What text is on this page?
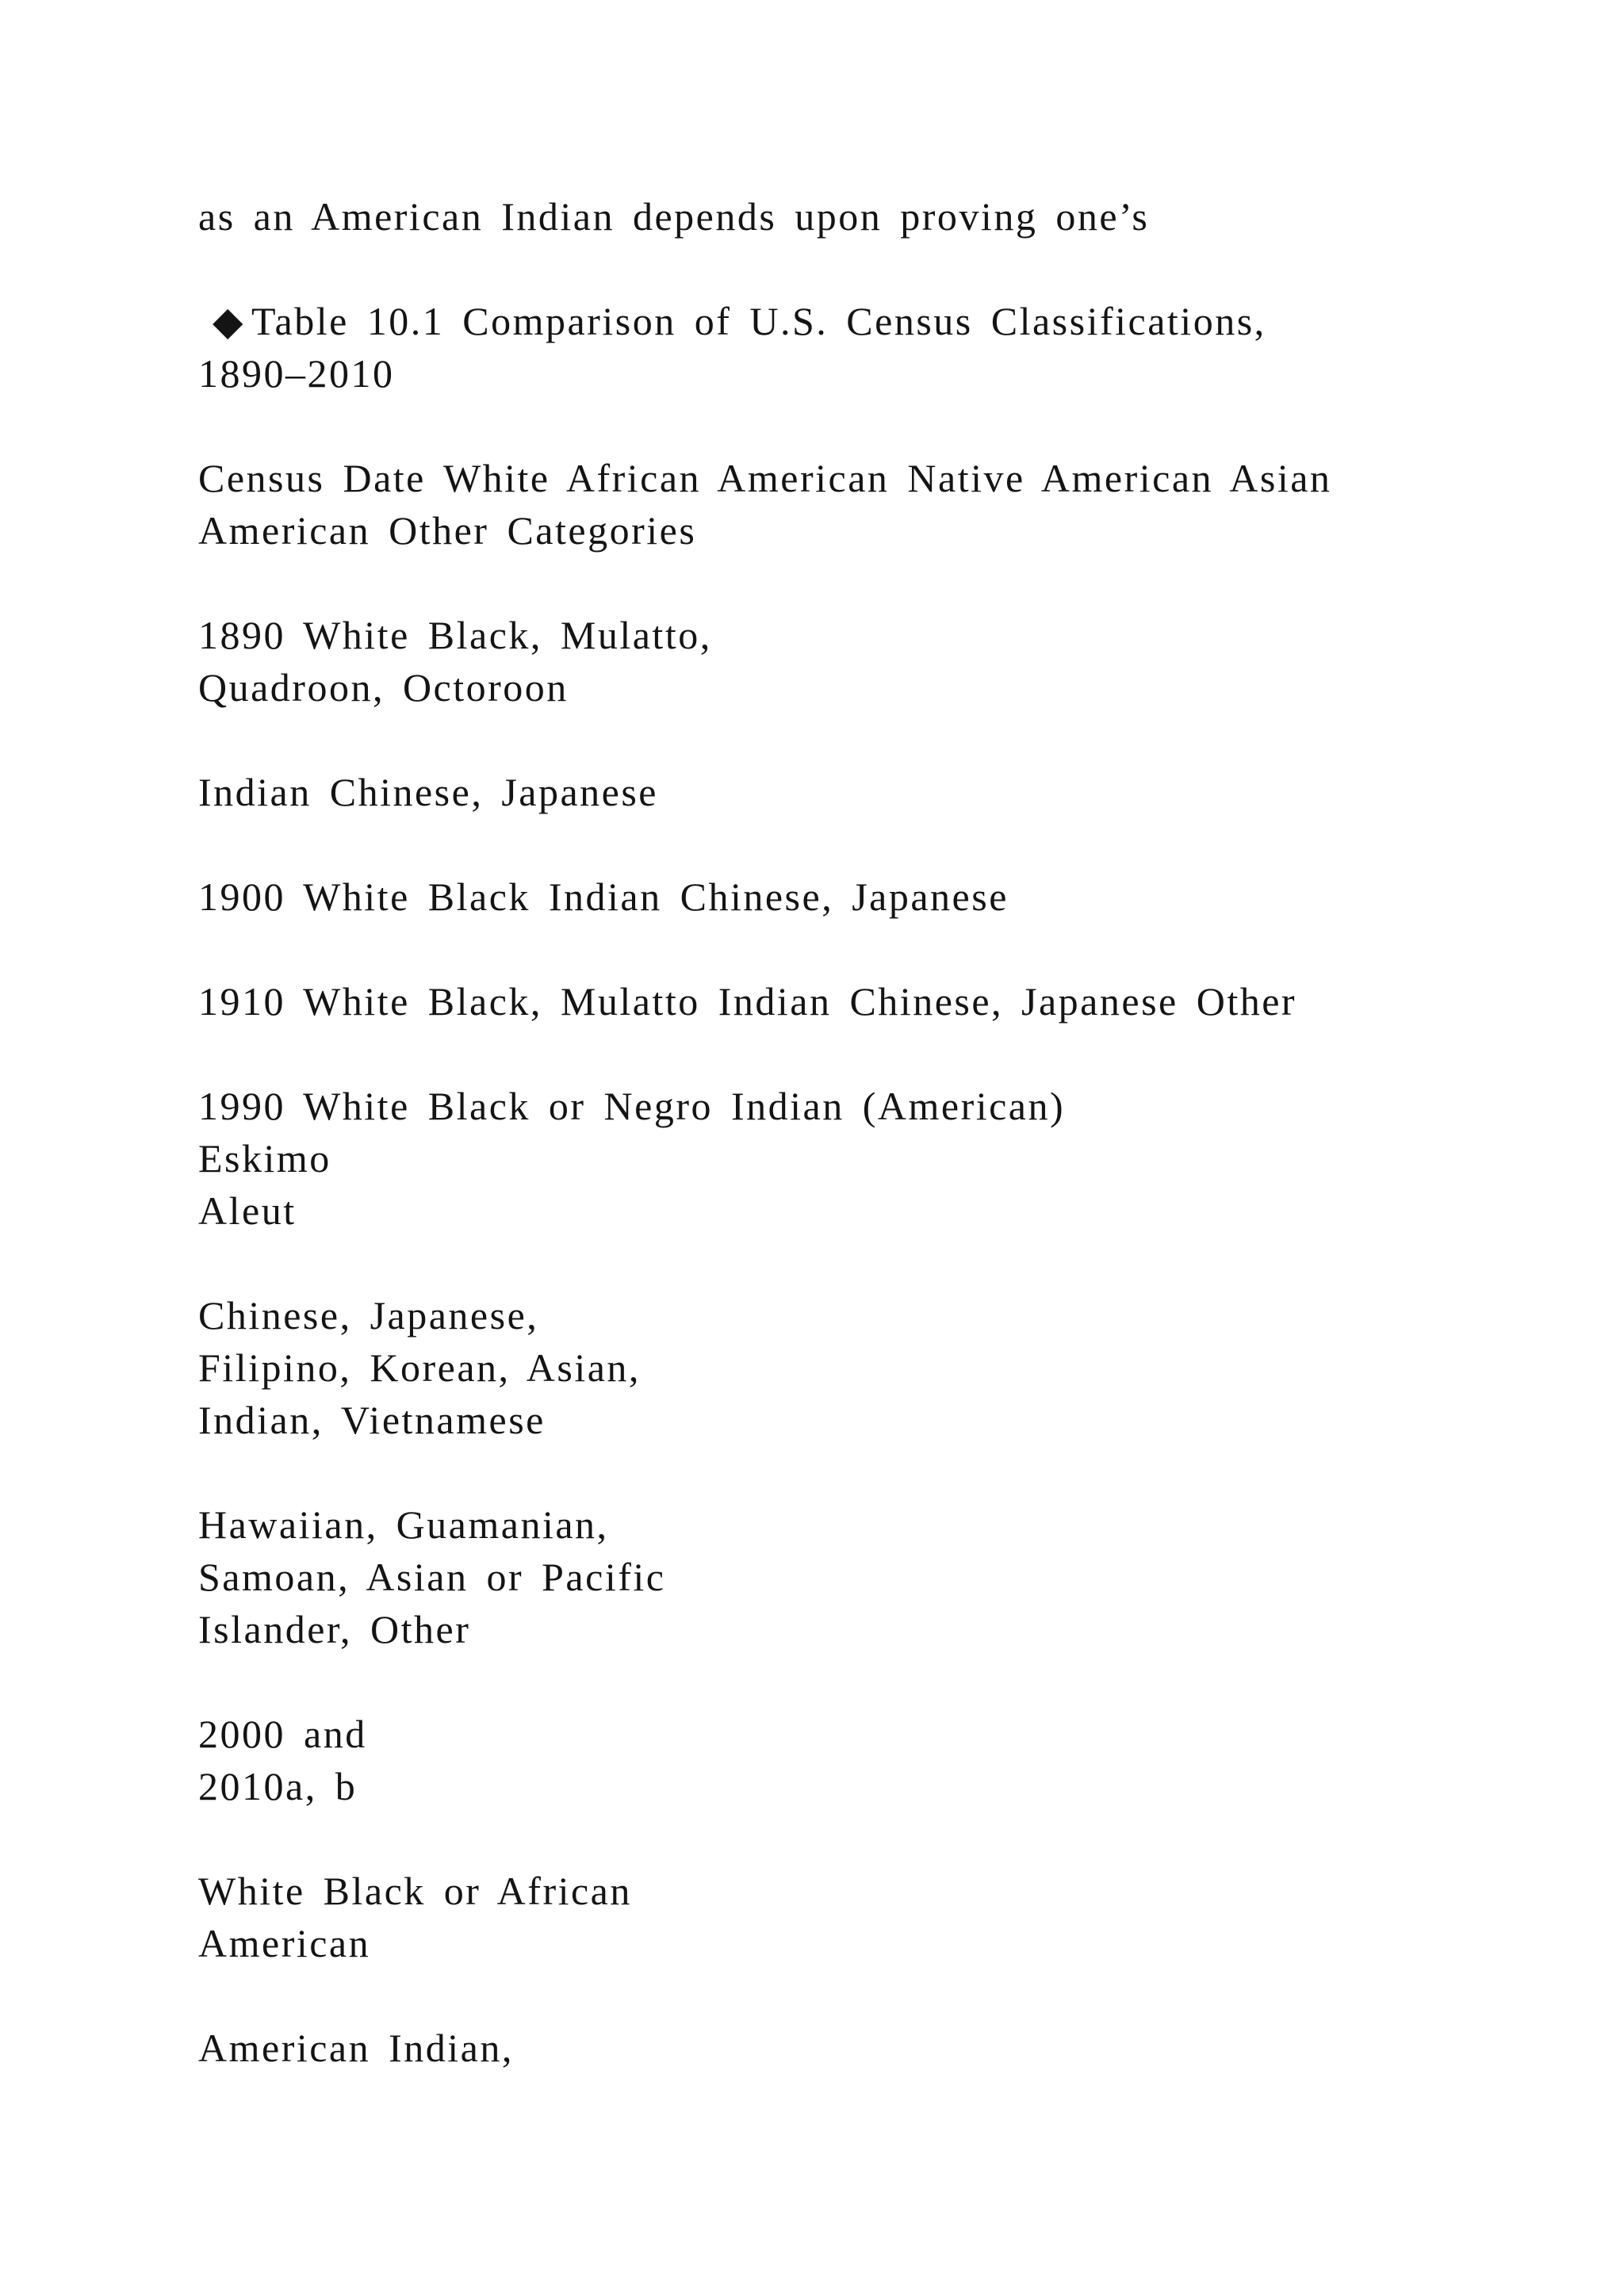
as an American Indian depends upon proving one’s

◆ Table 10.1 Comparison of U.S. Census Classifications,
1890–2010

Census Date White African American Native American Asian
American Other Categories

1890 White Black, Mulatto,
Quadroon, Octoroon

Indian Chinese, Japanese

1900 White Black Indian Chinese, Japanese

1910 White Black, Mulatto Indian Chinese, Japanese Other

1990 White Black or Negro Indian (American)
Eskimo
Aleut

Chinese, Japanese,
Filipino, Korean, Asian,
Indian, Vietnamese

Hawaiian, Guamanian,
Samoan, Asian or Pacific
Islander, Other

2000 and
2010a, b

White Black or African
American

American Indian,
